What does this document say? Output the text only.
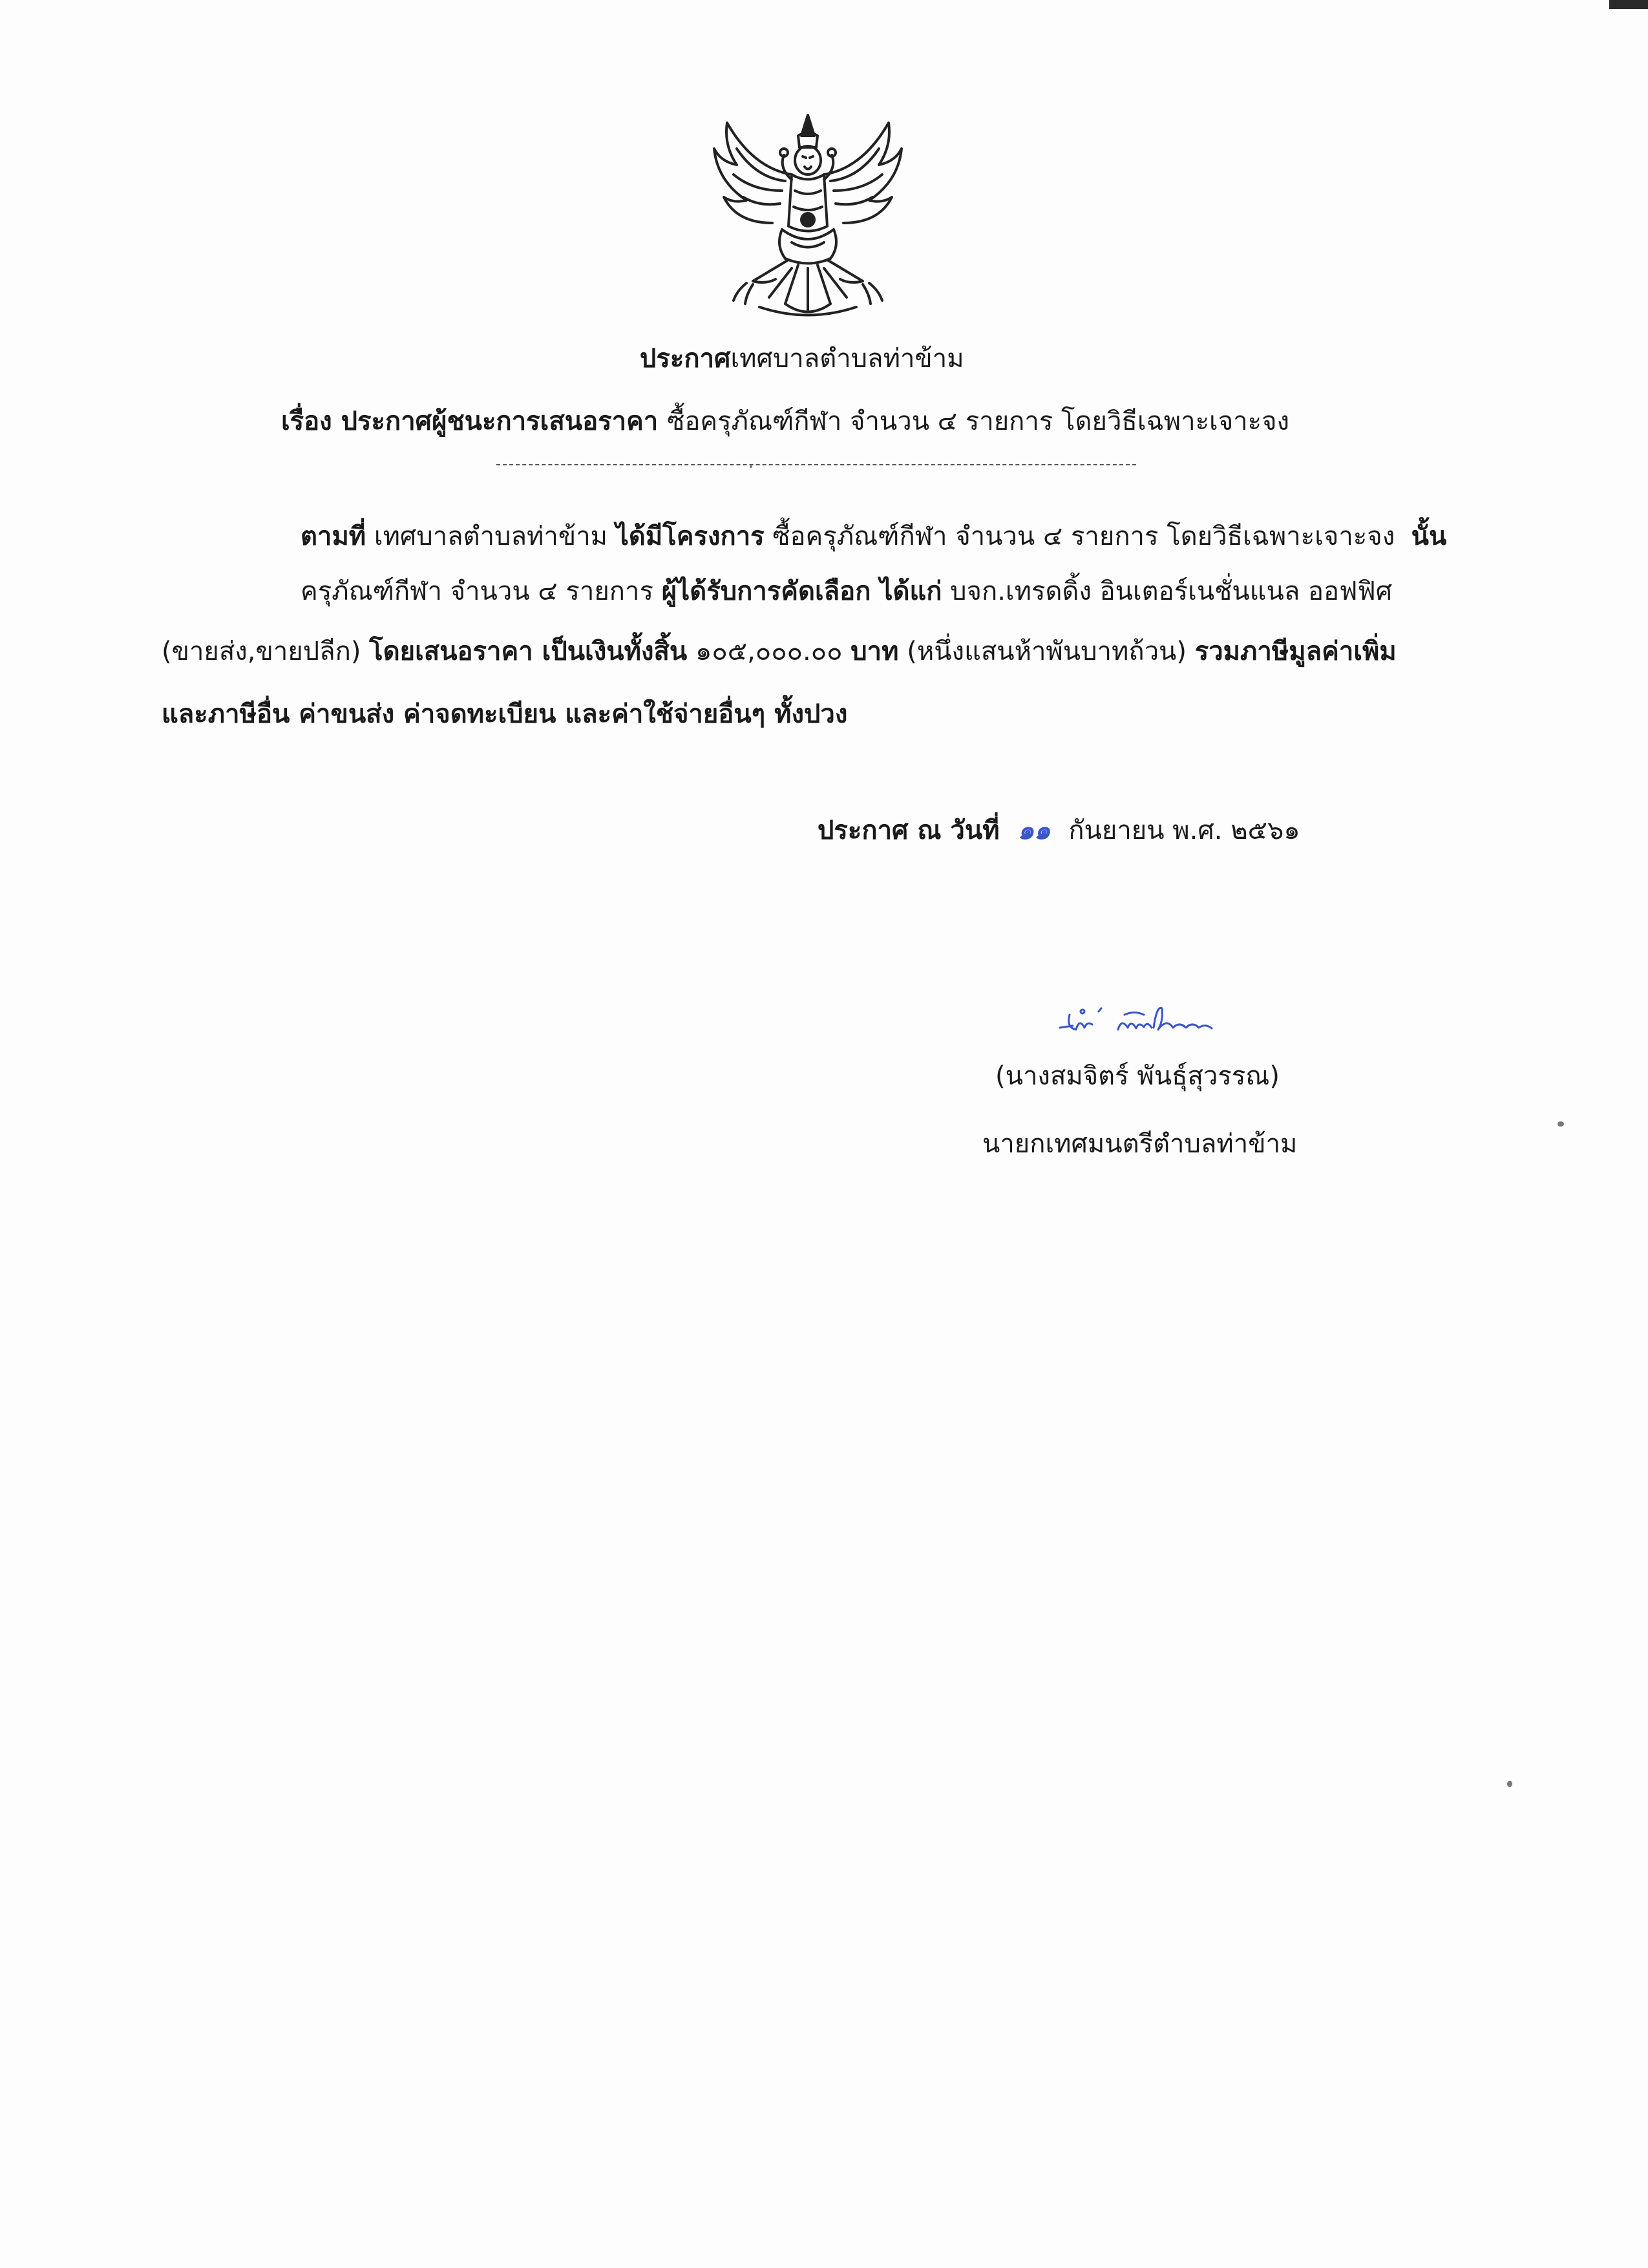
ประกาศเทศบาลตำบลท่าข้าม
เรื่อง ประกาศผู้ชนะการเสนอราคา ซื้อครุภัณฑ์กีฬา จำนวน ๔ รายการ โดยวิธีเฉพาะเจาะจง
ตามที่ เทศบาลตำบลท่าข้าม ได้มีโครงการ ซื้อครุภัณฑ์กีฬา จำนวน ๔ รายการ โดยวิธีเฉพาะเจาะจง นั้น
ครุภัณฑ์กีฬา จำนวน ๔ รายการ ผู้ได้รับการคัดเลือก ได้แก่ บจก.เทรดดิ้ง อินเตอร์เนชั่นแนล ออฟฟิศ
(ขายส่ง,ขายปลีก) โดยเสนอราคา เป็นเงินทั้งสิ้น ๑๐๕,๐๐๐.๐๐ บาท (หนึ่งแสนห้าพันบาทถ้วน) รวมภาษีมูลค่าเพิ่ม
และภาษีอื่น ค่าขนส่ง ค่าจดทะเบียน และค่าใช้จ่ายอื่นๆ ทั้งปวง
ประกาศ ณ วันที่ ๑๑ กันยายน พ.ศ. ๒๕๖๑
(นางสมจิตร์ พันธุ์สุวรรณ)
นายกเทศมนตรีตำบลท่าข้าม
